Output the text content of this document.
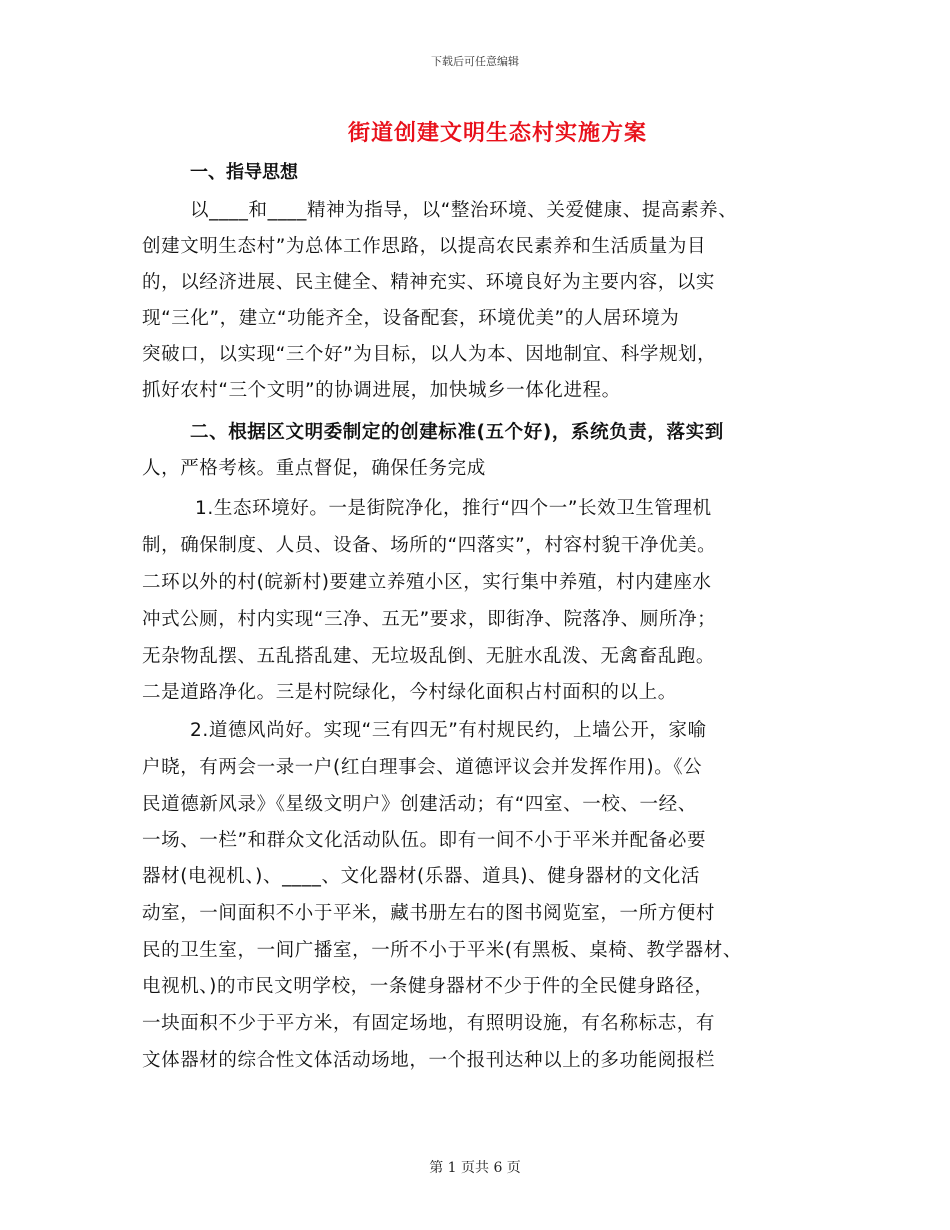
下载后可任意编辑
街道创建文明生态村实施方案
一、指导思想
以____和____精神为指导，以“整治环境、关爱健康、提高素养、
创建文明生态村”为总体工作思路，以提高农民素养和生活质量为目
的，以经济进展、民主健全、精神充实、环境良好为主要内容，以实
现“三化”，建立“功能齐全，设备配套，环境优美”的人居环境为
突破口，以实现“三个好”为目标，以人为本、因地制宜、科学规划，
抓好农村“三个文明”的协调进展，加快城乡一体化进程。
二、根据区文明委制定的创建标准(五个好)，系统负责，落实到
人，严格考核。重点督促，确保任务完成
1.生态环境好。一是街院净化，推行“四个一”长效卫生管理机
制，确保制度、人员、设备、场所的“四落实”，村容村貌干净优美。
二环以外的村(皖新村)要建立养殖小区，实行集中养殖，村内建座水
冲式公厕，村内实现“三净、五无”要求，即街净、院落净、厕所净；
无杂物乱摆、五乱搭乱建、无垃圾乱倒、无脏水乱泼、无禽畜乱跑。
二是道路净化。三是村院绿化，今村绿化面积占村面积的以上。
2.道德风尚好。实现“三有四无”有村规民约，上墙公开，家喻
户晓，有两会一录一户(红白理事会、道德评议会并发挥作用)。《公
民道德新风录》《星级文明户》创建活动；有“四室、一校、一经、
一场、一栏”和群众文化活动队伍。即有一间不小于平米并配备必要
器材(电视机、)、____、文化器材(乐器、道具)、健身器材的文化活
动室，一间面积不小于平米，藏书册左右的图书阅览室，一所方便村
民的卫生室，一间广播室，一所不小于平米(有黑板、桌椅、教学器材、
电视机、)的市民文明学校，一条健身器材不少于件的全民健身路径，
一块面积不少于平方米，有固定场地，有照明设施，有名称标志，有
文体器材的综合性文体活动场地，一个报刊达种以上的多功能阅报栏
第 1 页共 6 页
